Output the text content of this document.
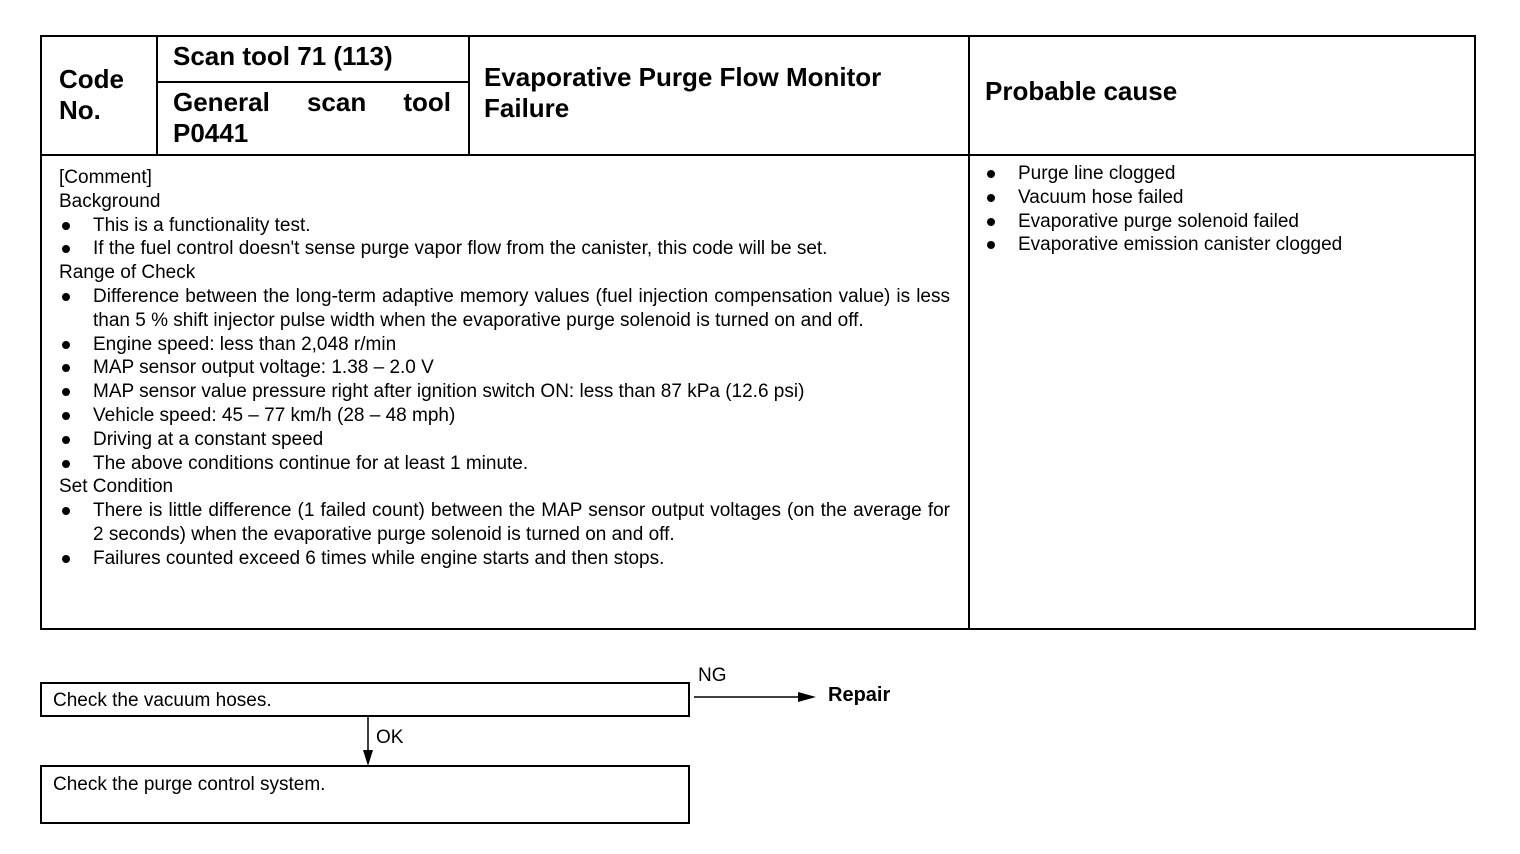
Code No.
Scan tool 71 (113)
General scan tool P0441
Evaporative Purge Flow Monitor Failure
Probable cause
[Comment]
Background
This is a functionality test.
If the fuel control doesn't sense purge vapor flow from the canister, this code will be set.
Range of Check
Difference between the long-term adaptive memory values (fuel injection compensation value) is less than 5 % shift injector pulse width when the evaporative purge solenoid is turned on and off.
Engine speed: less than 2,048 r/min
MAP sensor output voltage: 1.38 – 2.0 V
MAP sensor value pressure right after ignition switch ON: less than 87 kPa (12.6 psi)
Vehicle speed: 45 – 77 km/h (28 – 48 mph)
Driving at a constant speed
The above conditions continue for at least 1 minute.
Set Condition
There is little difference (1 failed count) between the MAP sensor output voltages (on the average for 2 seconds) when the evaporative purge solenoid is turned on and off.
Failures counted exceed 6 times while engine starts and then stops.
Purge line clogged
Vacuum hose failed
Evaporative purge solenoid failed
Evaporative emission canister clogged
Check the vacuum hoses.
NG
Repair
OK
Check the purge control system.
